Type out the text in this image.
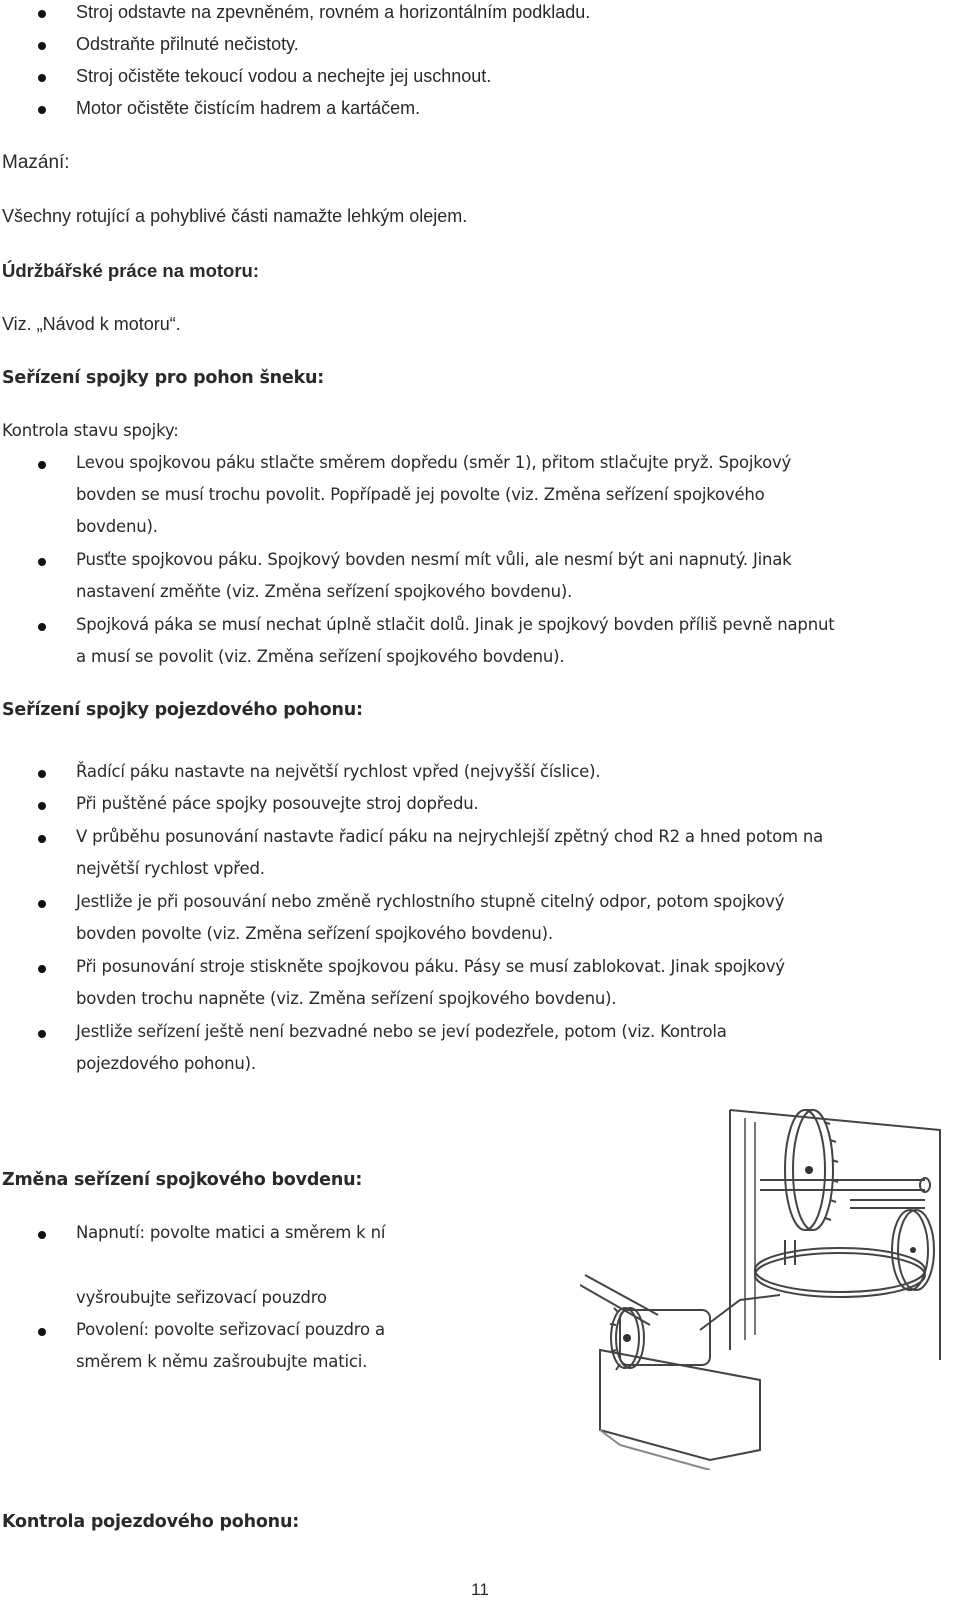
Stroj odstavte na zpevněném, rovném a horizontálním podkladu.
Odstraňte přilnuté nečistoty.
Stroj očistěte tekoucí vodou a nechejte jej uschnout.
Motor očistěte čistícím hadrem a kartáčem.
Mazání:
Všechny rotující a pohyblivé části namažte lehkým olejem.
Údržbářské práce na motoru:
Viz. „Návod k motoru“.
Seřízení spojky pro pohon šneku:
Kontrola stavu spojky:
Levou spojkovou páku stlačte směrem dopředu (směr 1), přitom stlačujte pryž. Spojkový
bovden se musí trochu povolit. Popřípadě jej povolte (viz. Změna seřízení spojkového
bovdenu).
Pusťte spojkovou páku. Spojkový bovden nesmí mít vůli, ale nesmí být ani napnutý. Jinak
nastavení změňte (viz. Změna seřízení spojkového bovdenu).
Spojková páka se musí nechat úplně stlačit dolů. Jinak je spojkový bovden příliš pevně napnut
a musí se povolit (viz. Změna seřízení spojkového bovdenu).
Seřízení spojky pojezdového pohonu:
Řadící páku nastavte na největší rychlost vpřed (nejvyšší číslice).
Při puštěné páce spojky posouvejte stroj dopředu.
V průběhu posunování nastavte řadicí páku na nejrychlejší zpětný chod R2 a hned potom na
největší rychlost vpřed.
Jestliže je při posouvání nebo změně rychlostního stupně citelný odpor, potom spojkový
bovden povolte (viz. Změna seřízení spojkového bovdenu).
Při posunování stroje stiskněte spojkovou páku. Pásy se musí zablokovat. Jinak spojkový
bovden trochu napněte (viz. Změna seřízení spojkového bovdenu).
Jestliže seřízení ještě není bezvadné nebo se jeví podezřele, potom (viz. Kontrola
pojezdového pohonu).
Změna seřízení spojkového bovdenu:
Napnutí: povolte matici a směrem k ní
vyšroubujte seřizovací pouzdro
Povolení: povolte seřizovací pouzdro a
směrem k němu zašroubujte matici.
Kontrola pojezdového pohonu:
11
